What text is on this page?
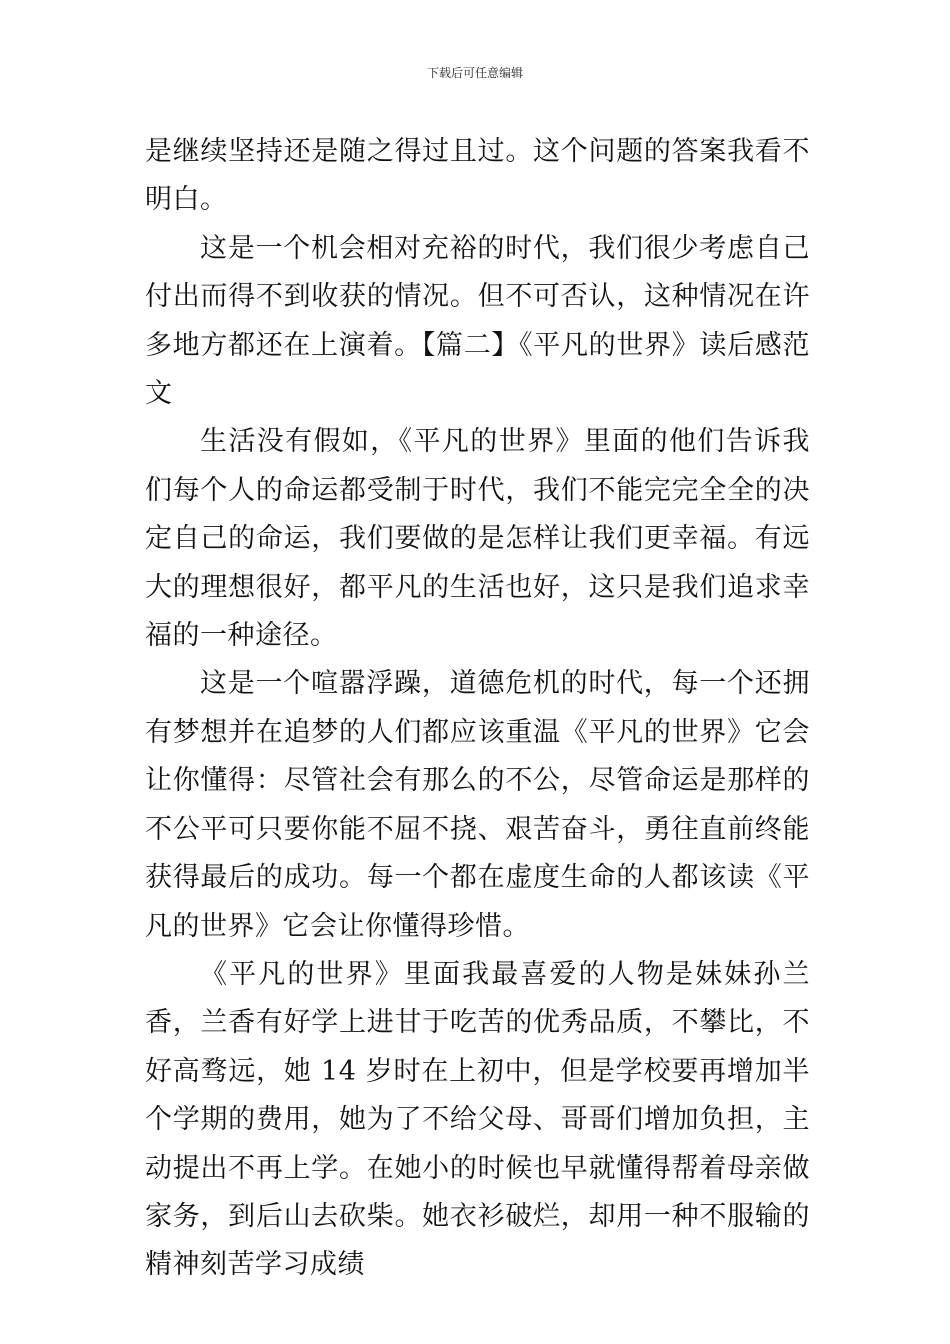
下载后可任意编辑

是继续坚持还是随之得过且过。这个问题的答案我看不明白。

这是一个机会相对充裕的时代，我们很少考虑自己付出而得不到收获的情况。但不可否认，这种情况在许多地方都还在上演着。【篇二】《平凡的世界》读后感范文

生活没有假如，《平凡的世界》里面的他们告诉我们每个人的命运都受制于时代，我们不能完完全全的决定自己的命运，我们要做的是怎样让我们更幸福。有远大的理想很好，都平凡的生活也好，这只是我们追求幸福的一种途径。

这是一个喧嚣浮躁，道德危机的时代，每一个还拥有梦想并在追梦的人们都应该重温《平凡的世界》它会让你懂得：尽管社会有那么的不公，尽管命运是那样的不公平可只要你能不屈不挠、艰苦奋斗，勇往直前终能获得最后的成功。每一个都在虚度生命的人都该读《平凡的世界》它会让你懂得珍惜。

《平凡的世界》里面我最喜爱的人物是妹妹孙兰香，兰香有好学上进甘于吃苦的优秀品质，不攀比，不好高骛远，她 14 岁时在上初中，但是学校要再增加半个学期的费用，她为了不给父母、哥哥们增加负担，主动提出不再上学。在她小的时候也早就懂得帮着母亲做家务，到后山去砍柴。她衣衫破烂，却用一种不服输的精神刻苦学习成绩
